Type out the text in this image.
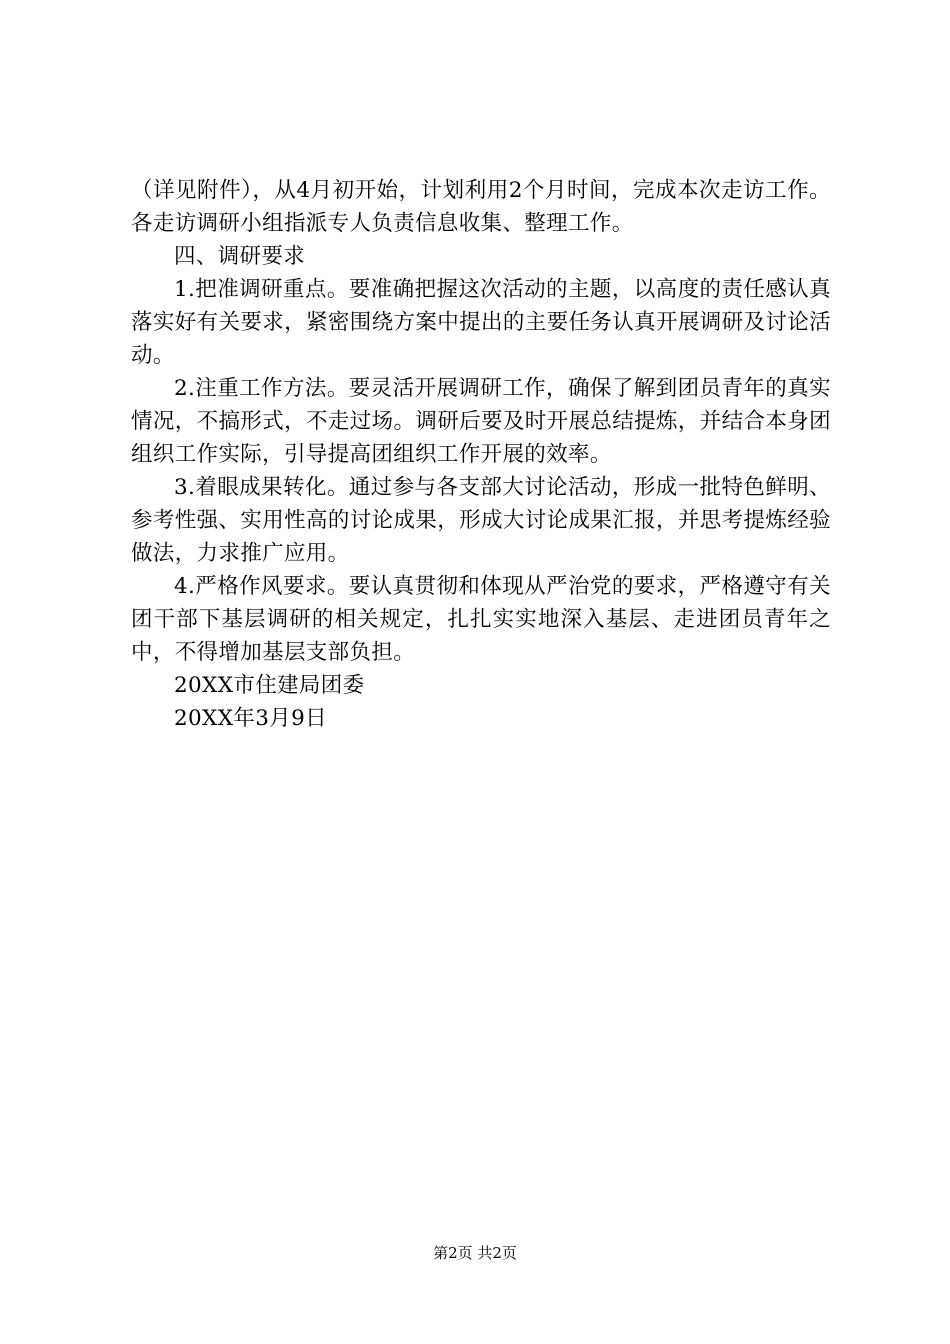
（详见附件），从4月初开始，计划利用2个月时间，完成本次走访工作。各走访调研小组指派专人负责信息收集、整理工作。

四、调研要求

1.把准调研重点。要准确把握这次活动的主题，以高度的责任感认真落实好有关要求，紧密围绕方案中提出的主要任务认真开展调研及讨论活动。

2.注重工作方法。要灵活开展调研工作，确保了解到团员青年的真实情况，不搞形式，不走过场。调研后要及时开展总结提炼，并结合本身团组织工作实际，引导提高团组织工作开展的效率。

3.着眼成果转化。通过参与各支部大讨论活动，形成一批特色鲜明、参考性强、实用性高的讨论成果，形成大讨论成果汇报，并思考提炼经验做法，力求推广应用。

4.严格作风要求。要认真贯彻和体现从严治党的要求，严格遵守有关团干部下基层调研的相关规定，扎扎实实地深入基层、走进团员青年之中，不得增加基层支部负担。

20XX市住建局团委

20XX年3月9日

第2页 共2页
